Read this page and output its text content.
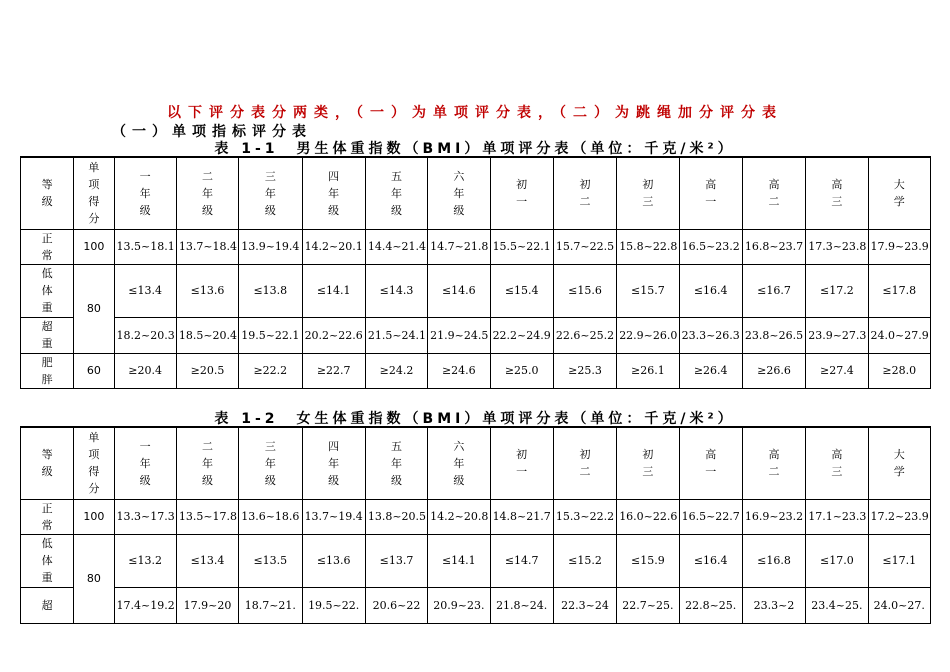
以下评分表分两类，（一）为单项评分表，（二）为跳绳加分评分表
（一）单项指标评分表
表 1-1　男生体重指数（BMI）单项评分表（单位：千克/米²）
等
级	单
项
得
分	一
年
级	二
年
级	三
年
级	四
年
级	五
年
级	六
年
级	初
一	初
二	初
三	高
一	高
二	高
三	大
学

正
常	100	13.5~18.1	13.7~18.4	13.9~19.4	14.2~20.1	14.4~21.4	14.7~21.8	15.5~22.1	15.7~22.5	15.8~22.8	16.5~23.2	16.8~23.7	17.3~23.8	17.9~23.9

低
体
重	80	≤13.4	≤13.6	≤13.8	≤14.1	≤14.3	≤14.6	≤15.4	≤15.6	≤15.7	≤16.4	≤16.7	≤17.2	≤17.8

超
重		18.2~20.3	18.5~20.4	19.5~22.1	20.2~22.6	21.5~24.1	21.9~24.5	22.2~24.9	22.6~25.2	22.9~26.0	23.3~26.3	23.8~26.5	23.9~27.3	24.0~27.9

肥
胖	60	≥20.4	≥20.5	≥22.2	≥22.7	≥24.2	≥24.6	≥25.0	≥25.3	≥26.1	≥26.4	≥26.6	≥27.4	≥28.0
表 1-2　女生体重指数（BMI）单项评分表（单位：千克/米²）
等
级	单
项
得
分	一
年
级	二
年
级	三
年
级	四
年
级	五
年
级	六
年
级	初
一	初
二	初
三	高
一	高
二	高
三	大
学

正
常	100	13.3~17.3	13.5~17.8	13.6~18.6	13.7~19.4	13.8~20.5	14.2~20.8	14.8~21.7	15.3~22.2	16.0~22.6	16.5~22.7	16.9~23.2	17.1~23.3	17.2~23.9

低
体
重	80	≤13.2	≤13.4	≤13.5	≤13.6	≤13.7	≤14.1	≤14.7	≤15.2	≤15.9	≤16.4	≤16.8	≤17.0	≤17.1
超		17.4~19.2	17.9~20	18.7~21.	19.5~22.	20.6~22	20.9~23.	21.8~24.	22.3~24	22.7~25.	22.8~25.	23.3~2	23.4~25.	24.0~27.
